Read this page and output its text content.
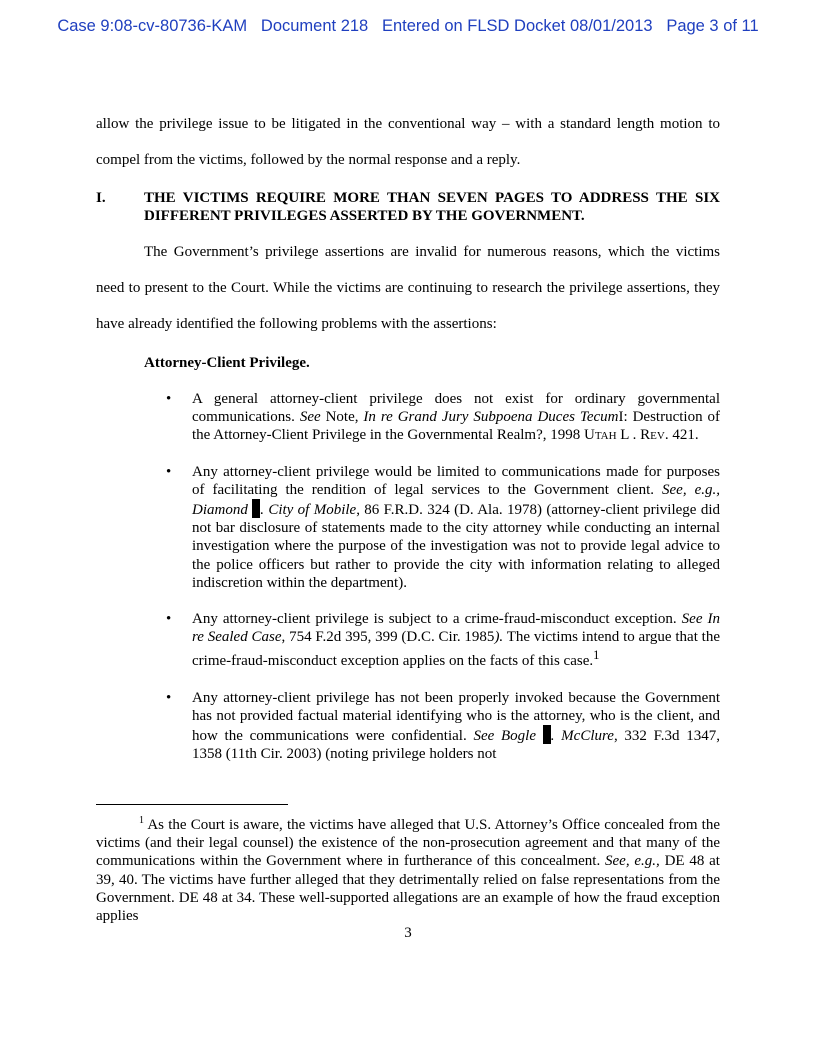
Case 9:08-cv-80736-KAM   Document 218   Entered on FLSD Docket 08/01/2013   Page 3 of 11
allow the privilege issue to be litigated in the conventional way – with a standard length motion to compel from the victims, followed by the normal response and a reply.
I.	THE VICTIMS REQUIRE MORE THAN SEVEN PAGES TO ADDRESS THE SIX DIFFERENT PRIVILEGES ASSERTED BY THE GOVERNMENT.
The Government’s privilege assertions are invalid for numerous reasons, which the victims need to present to the Court. While the victims are continuing to research the privilege assertions, they have already identified the following problems with the assertions:
Attorney-Client Privilege.
• A general attorney-client privilege does not exist for ordinary governmental communications. See Note, In re Grand Jury Subpoena Duces TecumI: Destruction of the Attorney-Client Privilege in the Governmental Realm?, 1998 Utah L . Rev. 421.
• Any attorney-client privilege would be limited to communications made for purposes of facilitating the rendition of legal services to the Government client. See, e.g., Diamond . City of Mobile, 86 F.R.D. 324 (D. Ala. 1978) (attorney-client privilege did not bar disclosure of statements made to the city attorney while conducting an internal investigation where the purpose of the investigation was not to provide legal advice to the police officers but rather to provide the city with information relating to alleged indiscretion within the department).
• Any attorney-client privilege is subject to a crime-fraud-misconduct exception. See In re Sealed Case, 754 F.2d 395, 399 (D.C. Cir. 1985). The victims intend to argue that the crime-fraud-misconduct exception applies on the facts of this case.$^1$
• Any attorney-client privilege has not been properly invoked because the Government has not provided factual material identifying who is the attorney, who is the client, and how the communications were confidential. See Bogle . McClure, 332 F.3d 1347, 1358 (11th Cir. 2003) (noting privilege holders not
$^1$ As the Court is aware, the victims have alleged that U.S. Attorney’s Office concealed from the victims (and their legal counsel) the existence of the non-prosecution agreement and that many of the communications within the Government where in furtherance of this concealment. See, e.g., DE 48 at 39, 40. The victims have further alleged that they detrimentally relied on false representations from the Government. DE 48 at 34. These well-supported allegations are an example of how the fraud exception applies
3
